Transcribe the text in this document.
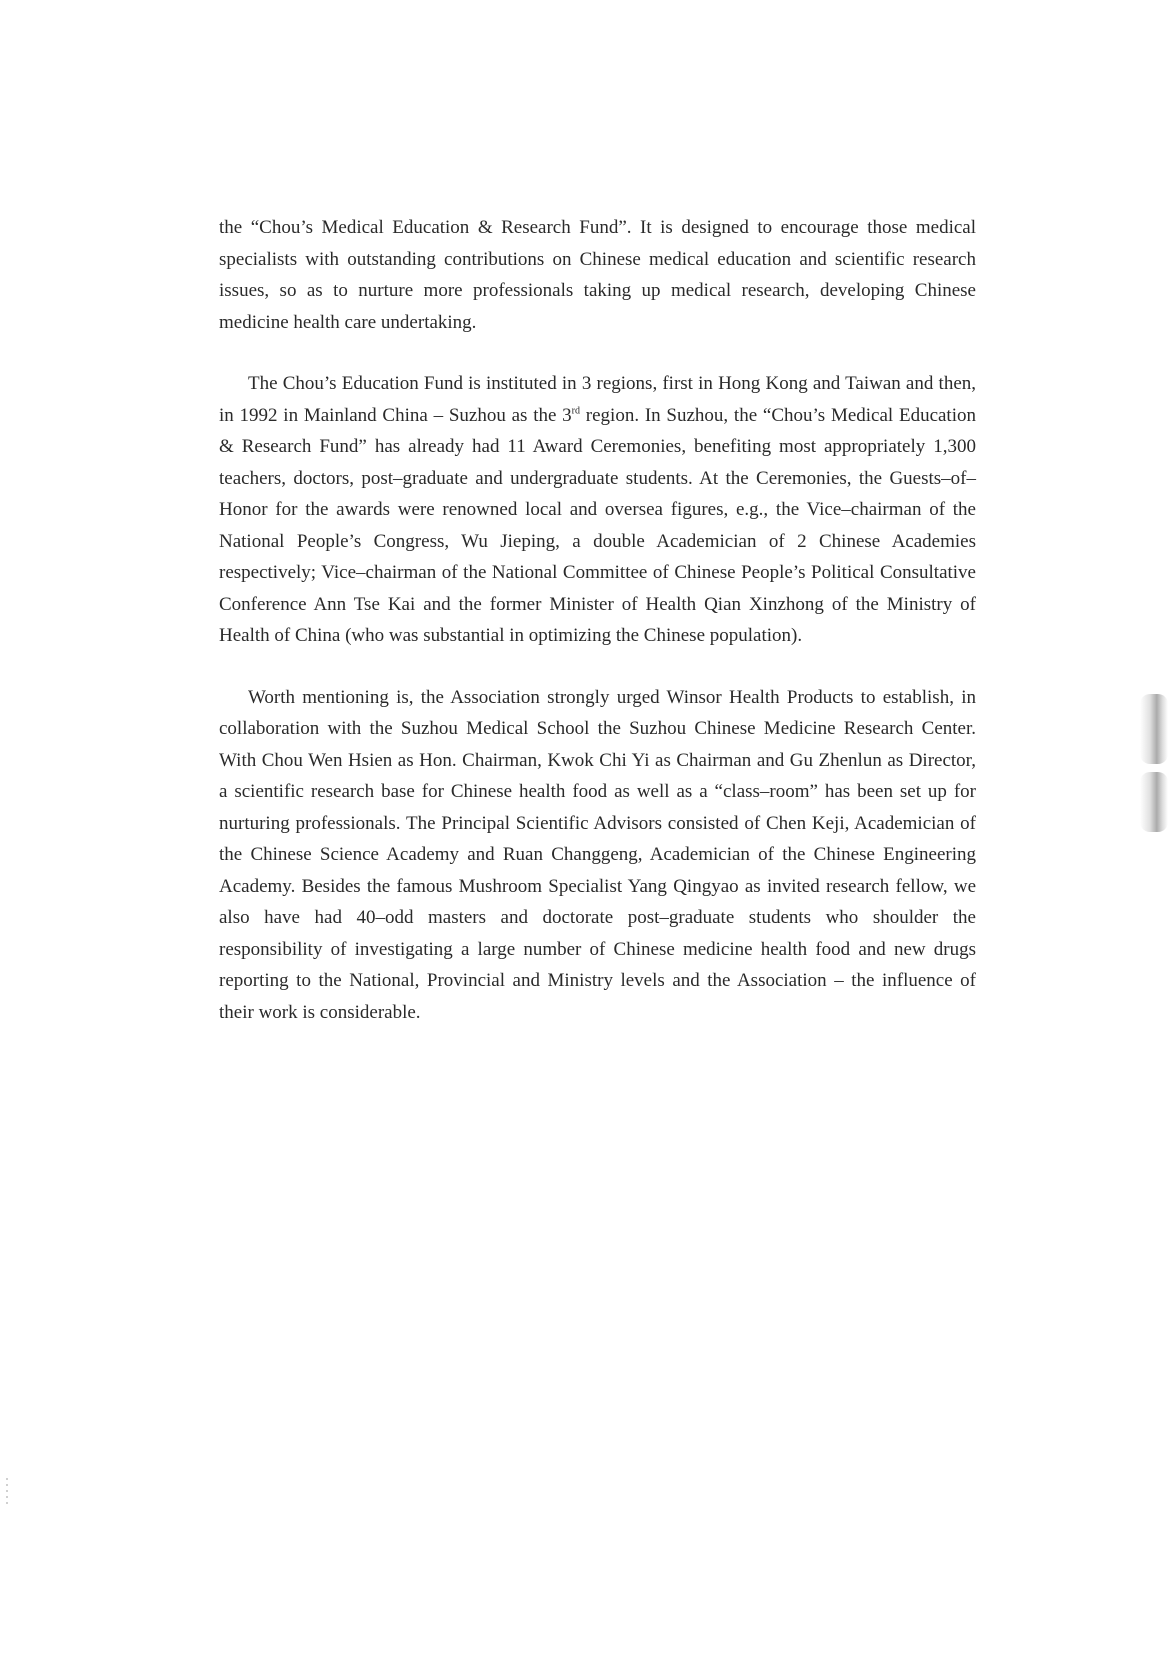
the “Chou’s Medical Education & Research Fund”. It is designed to encourage those medical specialists with outstanding contributions on Chinese medical education and scientific research issues, so as to nurture more professionals taking up medical research, developing Chinese medicine health care undertaking.

The Chou’s Education Fund is instituted in 3 regions, first in Hong Kong and Taiwan and then, in 1992 in Mainland China – Suzhou as the 3rd region. In Suzhou, the “Chou’s Medical Education & Research Fund” has already had 11 Award Ceremonies, benefiting most appropriately 1,300 teachers, doctors, post–graduate and undergraduate students. At the Ceremonies, the Guests–of–Honor for the awards were renowned local and oversea figures, e.g., the Vice–chairman of the National People’s Congress, Wu Jieping, a double Academician of 2 Chinese Academies respectively; Vice–chairman of the National Committee of Chinese People’s Political Consultative Conference Ann Tse Kai and the former Minister of Health Qian Xinzhong of the Ministry of Health of China (who was substantial in optimizing the Chinese population).

Worth mentioning is, the Association strongly urged Winsor Health Products to establish, in collaboration with the Suzhou Medical School the Suzhou Chinese Medicine Research Center. With Chou Wen Hsien as Hon. Chairman, Kwok Chi Yi as Chairman and Gu Zhenlun as Director, a scientific research base for Chinese health food as well as a “class–room” has been set up for nurturing professionals. The Principal Scientific Advisors consisted of Chen Keji, Academician of the Chinese Science Academy and Ruan Changgeng, Academician of the Chinese Engineering Academy. Besides the famous Mushroom Specialist Yang Qingyao as invited research fellow, we also have had 40–odd masters and doctorate post–graduate students who shoulder the responsibility of investigating a large number of Chinese medicine health food and new drugs reporting to the National, Provincial and Ministry levels and the Association – the influence of their work is considerable.
